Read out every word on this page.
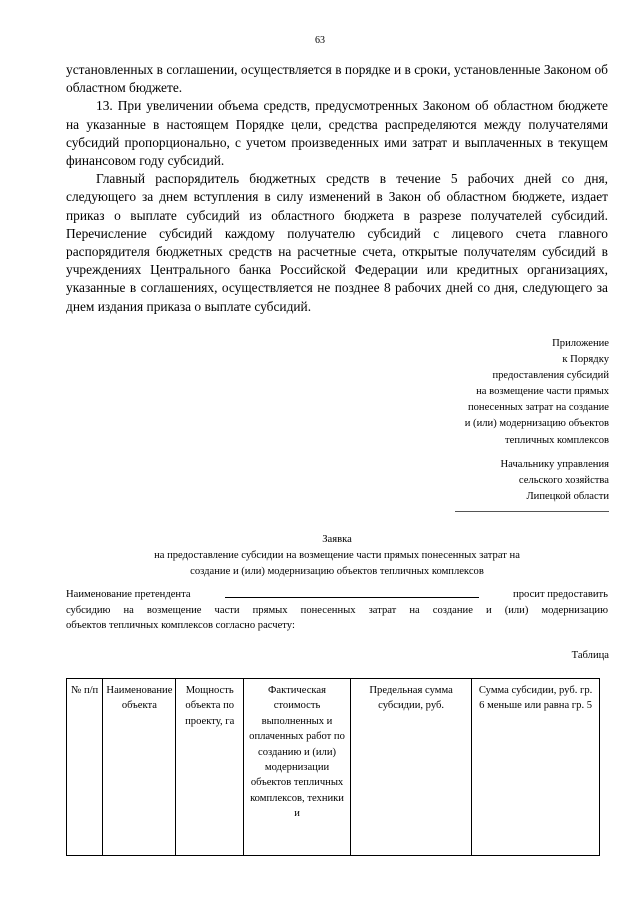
63

установленных в соглашении, осуществляется в порядке и в сроки, установленные Законом об областном бюджете.

13. При увеличении объема средств, предусмотренных Законом об областном бюджете на указанные в настоящем Порядке цели, средства распределяются между получателями субсидий пропорционально, с учетом произведенных ими затрат и выплаченных в текущем финансовом году субсидий.

Главный распорядитель бюджетных средств в течение 5 рабочих дней со дня, следующего за днем вступления в силу изменений в Закон об областном бюджете, издает приказ о выплате субсидий из областного бюджета в разрезе получателей субсидий. Перечисление субсидий каждому получателю субсидий с лицевого счета главного распорядителя бюджетных средств на расчетные счета, открытые получателям субсидий в учреждениях Центрального банка Российской Федерации или кредитных организациях, указанные в соглашениях, осуществляется не позднее 8 рабочих дней со дня, следующего за днем издания приказа о выплате субсидий.

Приложение
к Порядку
предоставления субсидий
на возмещение части прямых
понесенных затрат на создание
и (или) модернизацию объектов
тепличных комплексов
Начальнику управления
сельского хозяйства
Липецкой области
Заявка
на предоставление субсидии на возмещение части прямых понесенных затрат на
создание и (или) модернизацию объектов тепличных комплексов
Наименование претендента	просит предоставить
субсидию на возмещение части прямых понесенных затрат на создание и (или) модернизацию
объектов тепличных комплексов согласно расчету:
Таблица
№ п/п	Наименование объекта	Мощность объекта по проекту, га	Фактическая стоимость выполненных и оплаченных работ по созданию и (или) модернизации объектов тепличных комплексов, техники и	Предельная сумма субсидии, руб.	Сумма субсидии, руб. гр. 6 меньше или равна гр. 5
